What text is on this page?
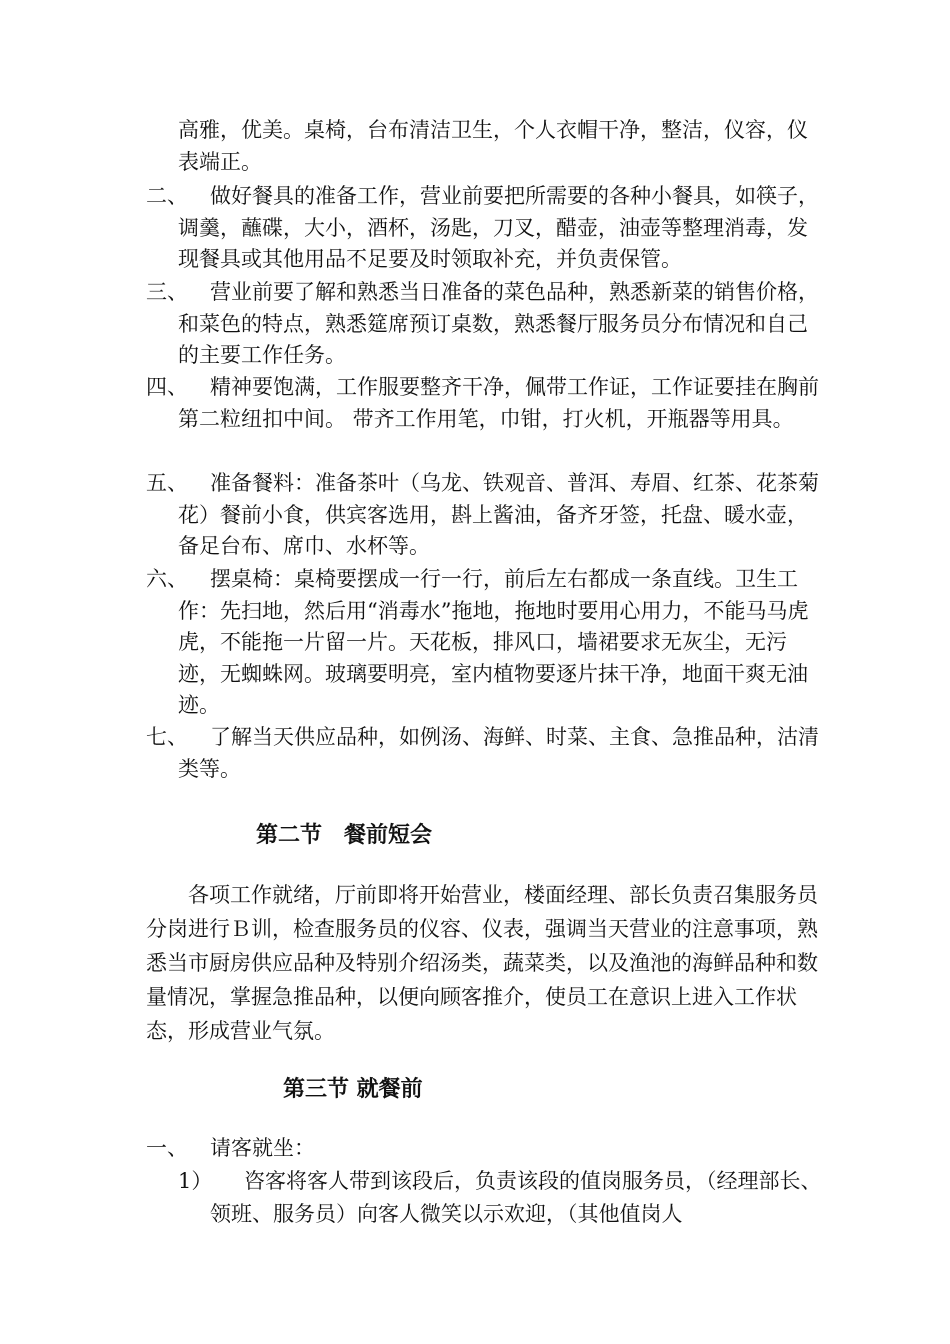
高雅，优美。桌椅，台布清洁卫生，个人衣帽干净，整洁，仪容，仪表端正。
二、	做好餐具的准备工作，营业前要把所需要的各种小餐具，如筷子，调羹，蘸碟，大小，酒杯，汤匙，刀叉，醋壶，油壶等整理消毒，发现餐具或其他用品不足要及时领取补充，并负责保管。
三、	营业前要了解和熟悉当日准备的菜色品种，熟悉新菜的销售价格，和菜色的特点，熟悉筵席预订桌数，熟悉餐厅服务员分布情况和自己的主要工作任务。
四、	精神要饱满，工作服要整齐干净，佩带工作证，工作证要挂在胸前第二粒纽扣中间。 带齐工作用笔，巾钳，打火机，开瓶器等用具。
五、	准备餐料：准备茶叶（乌龙、铁观音、普洱、寿眉、红茶、花茶菊花）餐前小食，供宾客选用，斟上酱油，备齐牙签，托盘、暖水壶，备足台布、席巾、水杯等。
六、	摆桌椅：桌椅要摆成一行一行，前后左右都成一条直线。卫生工作：先扫地，然后用“消毒水”拖地，拖地时要用心用力，不能马马虎虎，不能拖一片留一片。天花板，排风口，墙裙要求无灰尘，无污迹，无蜘蛛网。玻璃要明亮，室内植物要逐片抹干净，地面干爽无油迹。
七、	了解当天供应品种，如例汤、海鲜、时菜、主食、急推品种，沽清类等。
第二节　餐前短会
各项工作就绪，厅前即将开始营业，楼面经理、部长负责召集服务员分岗进行Ｂ训，检查服务员的仪容、仪表，强调当天营业的注意事项，熟悉当市厨房供应品种及特别介绍汤类，蔬菜类，以及渔池的海鲜品种和数量情况，掌握急推品种，以便向顾客推介，使员工在意识上进入工作状态，形成营业气氛。
第三节 就餐前
一、	请客就坐：
1）	咨客将客人带到该段后，负责该段的值岗服务员，（经理部长、领班、服务员）向客人微笑以示欢迎，（其他值岗人
